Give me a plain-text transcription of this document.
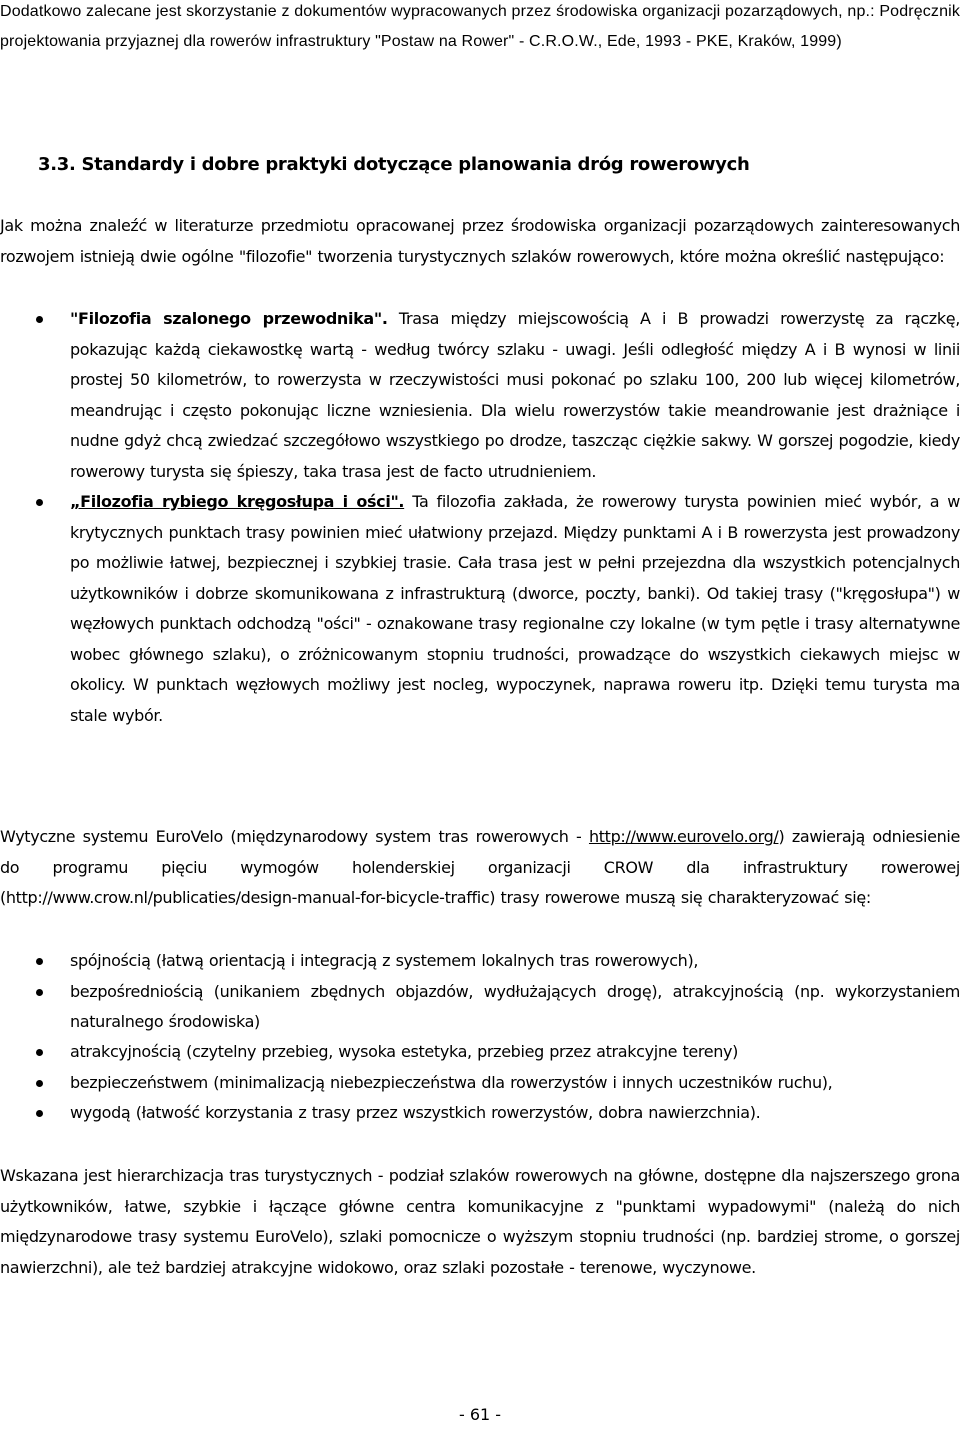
Dodatkowo zalecane jest skorzystanie z dokumentów wypracowanych przez środowiska organizacji pozarządowych, np.: Podręcznik projektowania przyjaznej dla rowerów infrastruktury "Postaw na Rower" - C.R.O.W., Ede, 1993 - PKE, Kraków, 1999)

3.3. Standardy i dobre praktyki dotyczące planowania dróg rowerowych

Jak można znaleźć w literaturze przedmiotu opracowanej przez środowiska organizacji pozarządowych zainteresowanych rozwojem istnieją dwie ogólne "filozofie" tworzenia turystycznych szlaków rowerowych, które można określić następująco:

"Filozofia szalonego przewodnika". Trasa między miejscowością A i B prowadzi rowerzystę za rączkę, pokazując każdą ciekawostkę wartą - według twórcy szlaku - uwagi. Jeśli odległość między A i B wynosi w linii prostej 50 kilometrów, to rowerzysta w rzeczywistości musi pokonać po szlaku 100, 200 lub więcej kilometrów, meandrując i często pokonując liczne wzniesienia. Dla wielu rowerzystów takie meandrowanie jest drażniące i nudne gdyż chcą zwiedzać szczegółowo wszystkiego po drodze, taszcząc ciężkie sakwy. W gorszej pogodzie, kiedy rowerowy turysta się śpieszy, taka trasa jest de facto utrudnieniem.
„Filozofia rybiego kręgosłupa i ości". Ta filozofia zakłada, że rowerowy turysta powinien mieć wybór, a w krytycznych punktach trasy powinien mieć ułatwiony przejazd. Między punktami A i B rowerzysta jest prowadzony po możliwie łatwej, bezpiecznej i szybkiej trasie. Cała trasa jest w pełni przejezdna dla wszystkich potencjalnych użytkowników i dobrze skomunikowana z infrastrukturą (dworce, poczty, banki). Od takiej trasy ("kręgosłupa") w węzłowych punktach odchodzą "ości" - oznakowane trasy regionalne czy lokalne (w tym pętle i trasy alternatywne wobec głównego szlaku), o zróżnicowanym stopniu trudności, prowadzące do wszystkich ciekawych miejsc w okolicy. W punktach węzłowych możliwy jest nocleg, wypoczynek, naprawa roweru itp. Dzięki temu turysta ma stale wybór.

Wytyczne systemu EuroVelo (międzynarodowy system tras rowerowych - http://www.eurovelo.org/) zawierają odniesienie do programu pięciu wymogów holenderskiej organizacji CROW dla infrastruktury rowerowej (http://www.crow.nl/publicaties/design-manual-for-bicycle-traffic) trasy rowerowe muszą się charakteryzować się:

spójnością (łatwą orientacją i integracją z systemem lokalnych tras rowerowych),
bezpośredniością (unikaniem zbędnych objazdów, wydłużających drogę), atrakcyjnością (np. wykorzystaniem naturalnego środowiska)
atrakcyjnością (czytelny przebieg, wysoka estetyka, przebieg przez atrakcyjne tereny)
bezpieczeństwem (minimalizacją niebezpieczeństwa dla rowerzystów i innych uczestników ruchu),
wygodą (łatwość korzystania z trasy przez wszystkich rowerzystów, dobra nawierzchnia).

Wskazana jest hierarchizacja tras turystycznych - podział szlaków rowerowych na główne, dostępne dla najszerszego grona użytkowników, łatwe, szybkie i łączące główne centra komunikacyjne z "punktami wypadowymi" (należą do nich międzynarodowe trasy systemu EuroVelo), szlaki pomocnicze o wyższym stopniu trudności (np. bardziej strome, o gorszej nawierzchni), ale też bardziej atrakcyjne widokowo, oraz szlaki pozostałe - terenowe, wyczynowe.

- 61 -
